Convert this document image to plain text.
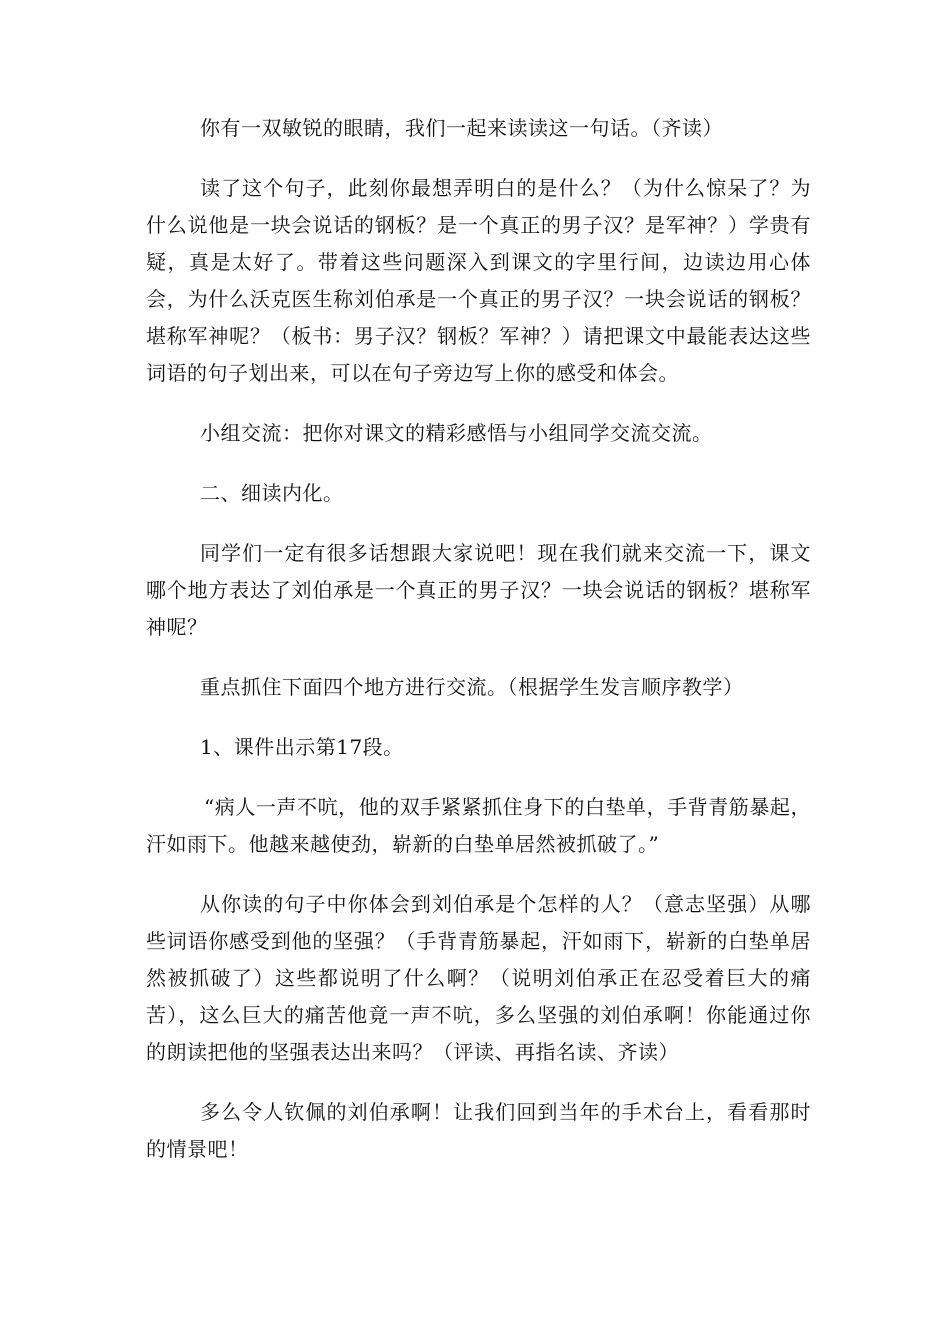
你有一双敏锐的眼睛，我们一起来读读这一句话。（齐读）

读了这个句子，此刻你最想弄明白的是什么？（为什么惊呆了？为什么说他是一块会说话的钢板？是一个真正的男子汉？是军神？）学贵有疑，真是太好了。带着这些问题深入到课文的字里行间，边读边用心体会，为什么沃克医生称刘伯承是一个真正的男子汉？一块会说话的钢板？堪称军神呢？（板书：男子汉？钢板？军神？）请把课文中最能表达这些词语的句子划出来，可以在句子旁边写上你的感受和体会。

小组交流：把你对课文的精彩感悟与小组同学交流交流。

二、细读内化。

同学们一定有很多话想跟大家说吧！现在我们就来交流一下，课文哪个地方表达了刘伯承是一个真正的男子汉？一块会说话的钢板？堪称军神呢？

重点抓住下面四个地方进行交流。（根据学生发言顺序教学）

1、课件出示第17段。

“病人一声不吭，他的双手紧紧抓住身下的白垫单，手背青筋暴起，汗如雨下。他越来越使劲，崭新的白垫单居然被抓破了。”

从你读的句子中你体会到刘伯承是个怎样的人？（意志坚强）从哪些词语你感受到他的坚强？（手背青筋暴起，汗如雨下，崭新的白垫单居然被抓破了）这些都说明了什么啊？（说明刘伯承正在忍受着巨大的痛苦），这么巨大的痛苦他竟一声不吭，多么坚强的刘伯承啊！你能通过你的朗读把他的坚强表达出来吗？（评读、再指名读、齐读）

多么令人钦佩的刘伯承啊！让我们回到当年的手术台上，看看那时的情景吧！
